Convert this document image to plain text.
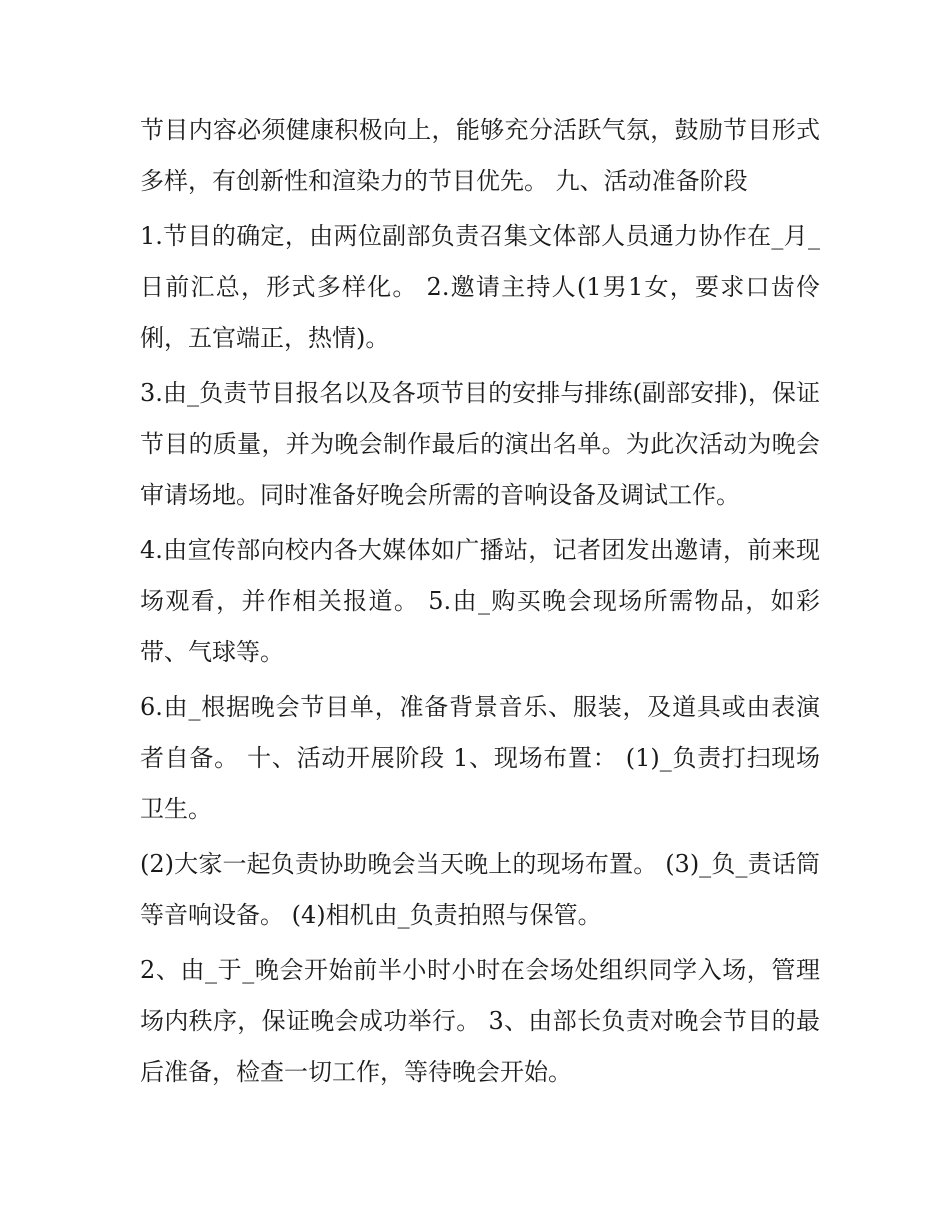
节目内容必须健康积极向上，能够充分活跃气氛，鼓励节目形式多样，有创新性和渲染力的节目优先。 九、活动准备阶段

1.节目的确定，由两位副部负责召集文体部人员通力协作在_月_日前汇总，形式多样化。 2.邀请主持人(1男1女，要求口齿伶俐，五官端正，热情)。

3.由_负责节目报名以及各项节目的安排与排练(副部安排)，保证节目的质量，并为晚会制作最后的演出名单。为此次活动为晚会审请场地。同时准备好晚会所需的音响设备及调试工作。

4.由宣传部向校内各大媒体如广播站，记者团发出邀请，前来现场观看，并作相关报道。 5.由_购买晚会现场所需物品，如彩带、气球等。

6.由_根据晚会节目单，准备背景音乐、服装，及道具或由表演者自备。 十、活动开展阶段 1、现场布置： (1)_负责打扫现场卫生。

(2)大家一起负责协助晚会当天晚上的现场布置。 (3)_负_责话筒等音响设备。 (4)相机由_负责拍照与保管。

2、由_于_晚会开始前半小时小时在会场处组织同学入场，管理场内秩序，保证晚会成功举行。 3、由部长负责对晚会节目的最后准备，检查一切工作，等待晚会开始。
